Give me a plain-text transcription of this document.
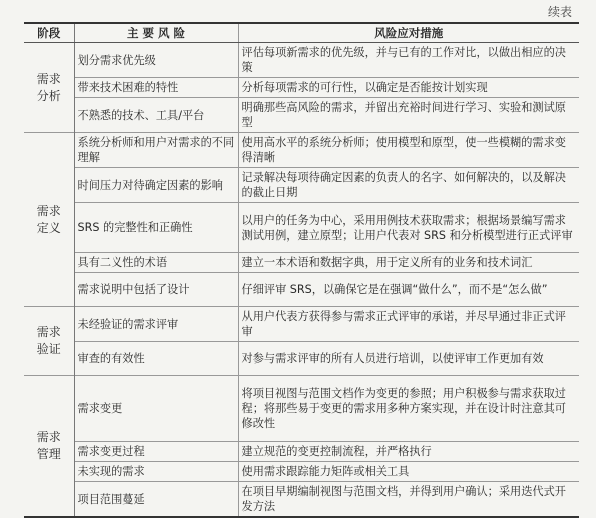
续表
阶段	主 要 风 险	风险应对措施

需求
分析	划分需求优先级	评估每项新需求的优先级，并与已有的工作对比，以做出相应的决策
	带来技术困难的特性	分析每项需求的可行性，以确定是否能按计划实现
	不熟悉的技术、工具/平台	明确那些高风险的需求，并留出充裕时间进行学习、实验和测试原型

需求
定义	系统分析师和用户对需求的不同理解	使用高水平的系统分析师；使用模型和原型，使一些模糊的需求变得清晰
	时间压力对待确定因素的影响	记录解决每项待确定因素的负责人的名字、如何解决的，以及解决的截止日期
	SRS 的完整性和正确性	以用户的任务为中心，采用用例技术获取需求；根据场景编写需求测试用例，建立原型；让用户代表对 SRS 和分析模型进行正式评审
	具有二义性的术语	建立一本术语和数据字典，用于定义所有的业务和技术词汇
	需求说明中包括了设计	仔细评审 SRS，以确保它是在强调“做什么”，而不是“怎么做”

需求
验证	未经验证的需求评审	从用户代表方获得参与需求正式评审的承诺，并尽早通过非正式评审
	审查的有效性	对参与需求评审的所有人员进行培训，以使评审工作更加有效

需求
管理	需求变更	将项目视图与范围文档作为变更的参照；用户积极参与需求获取过程；将那些易于变更的需求用多种方案实现，并在设计时注意其可修改性
	需求变更过程	建立规范的变更控制流程，并严格执行
	未实现的需求	使用需求跟踪能力矩阵或相关工具
	项目范围蔓延	在项目早期编制视图与范围文档，并得到用户确认；采用迭代式开发方法
